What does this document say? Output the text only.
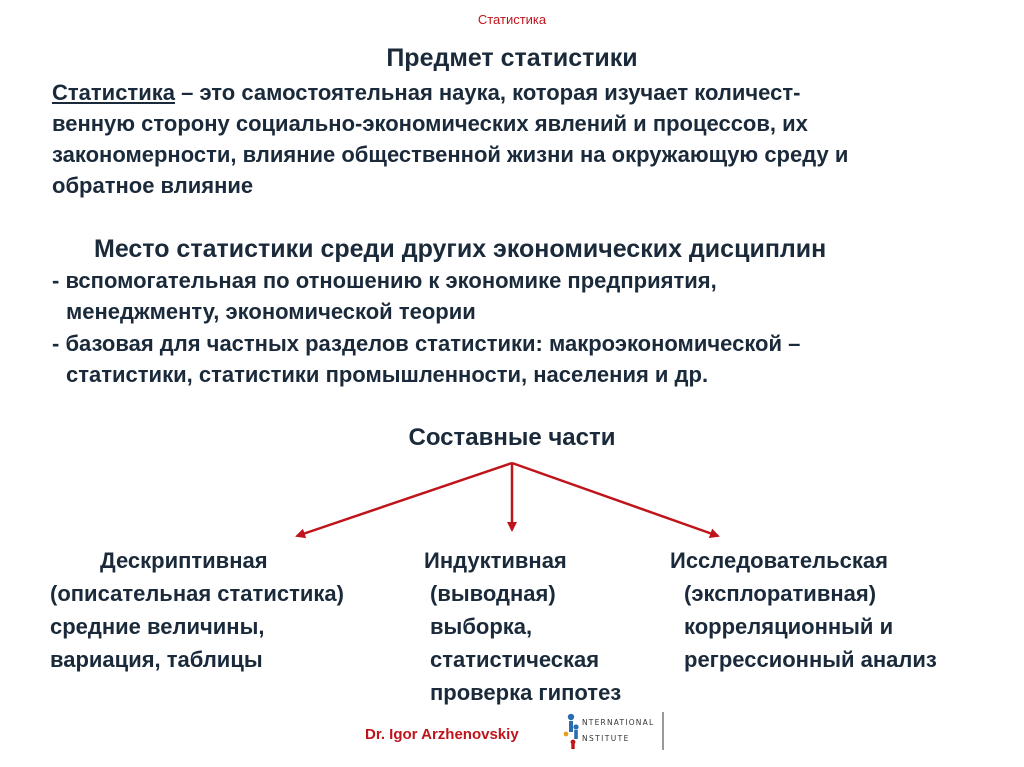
Статистика
Предмет статистики
Статистика – это самостоятельная наука, которая изучает количест-
венную сторону социально-экономических явлений и процессов, их
закономерности, влияние общественной жизни на окружающую среду и
обратное влияние
Место статистики среди других экономических дисциплин
- вспомогательная по отношению к экономике предприятия,
менеджменту, экономической теории
- базовая для частных разделов статистики: макроэкономической –
статистики, статистики промышленности, населения и др.
Составные части
Дескриптивная
(описательная статистика)
средние величины,
вариация, таблицы
Индуктивная
(выводная)
выборка,
статистическая
проверка гипотез
Исследовательская
(эксплоративная)
корреляционный и
регрессионный анализ
Dr. Igor Arzhenovskiy
NTERNATIONAL
NSTITUTE
